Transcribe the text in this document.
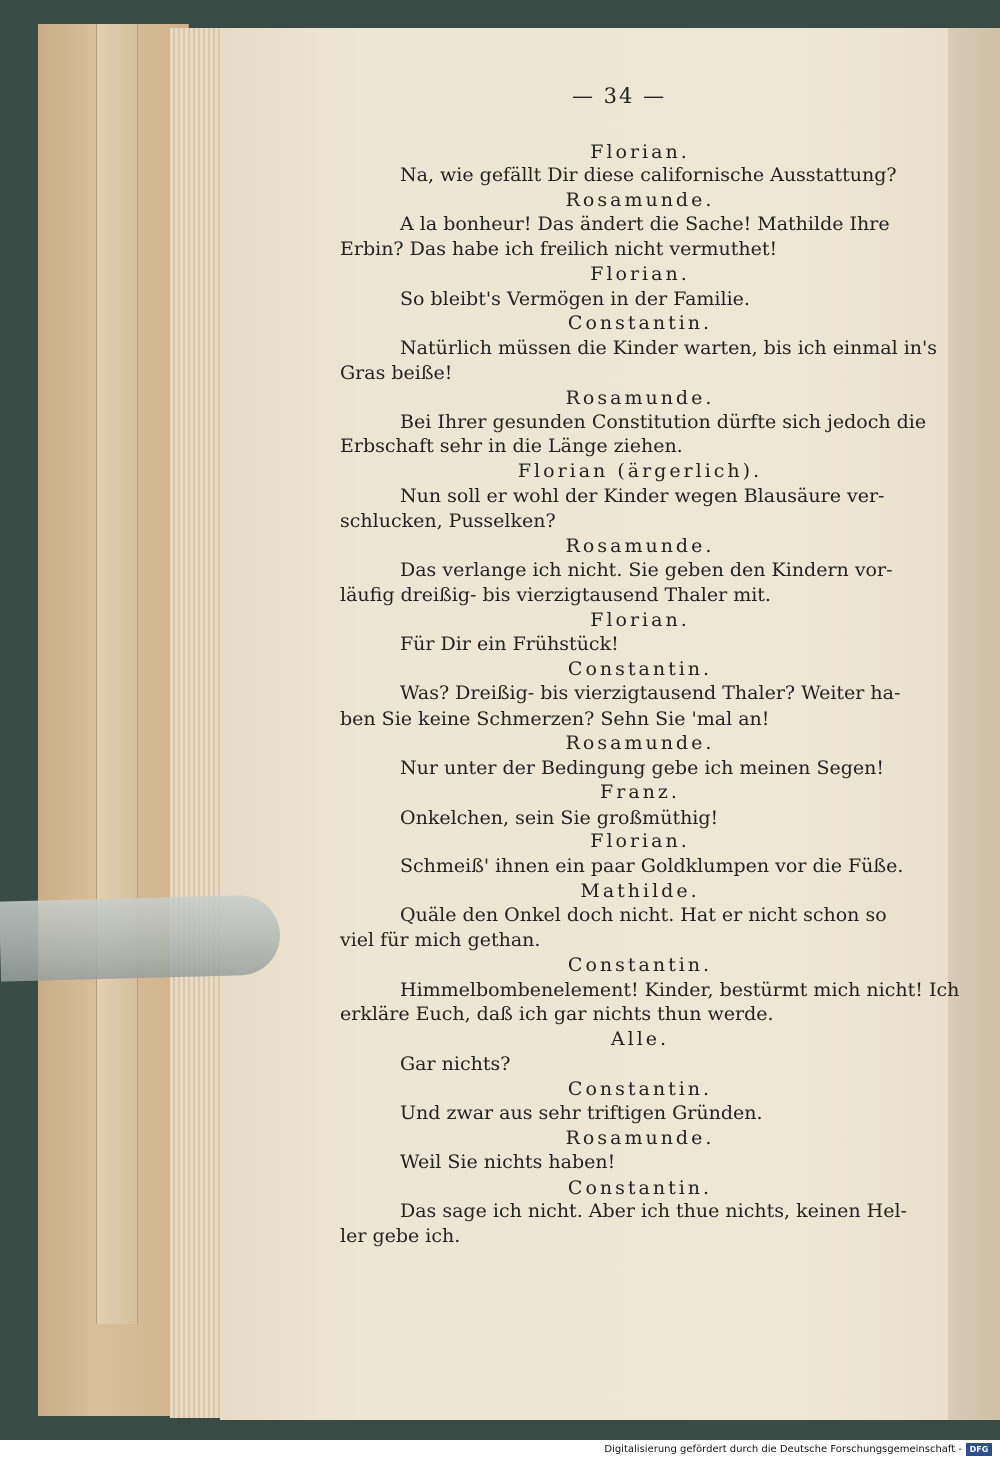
— 34 —
Florian.
Na, wie gefällt Dir diese californische Ausstattung?
Rosamunde.
A la bonheur! Das ändert die Sache! Mathilde Ihre
Erbin? Das habe ich freilich nicht vermuthet!
Florian.
So bleibt's Vermögen in der Familie.
Constantin.
Natürlich müssen die Kinder warten, bis ich einmal in's
Gras beiße!
Rosamunde.
Bei Ihrer gesunden Constitution dürfte sich jedoch die
Erbschaft sehr in die Länge ziehen.
Florian (ärgerlich).
Nun soll er wohl der Kinder wegen Blausäure ver-
schlucken, Pusselken?
Rosamunde.
Das verlange ich nicht. Sie geben den Kindern vor-
läufig dreißig- bis vierzigtausend Thaler mit.
Florian.
Für Dir ein Frühstück!
Constantin.
Was? Dreißig- bis vierzigtausend Thaler? Weiter ha-
ben Sie keine Schmerzen? Sehn Sie 'mal an!
Rosamunde.
Nur unter der Bedingung gebe ich meinen Segen!
Franz.
Onkelchen, sein Sie großmüthig!
Florian.
Schmeiß' ihnen ein paar Goldklumpen vor die Füße.
Mathilde.
Quäle den Onkel doch nicht. Hat er nicht schon so
viel für mich gethan.
Constantin.
Himmelbombenelement! Kinder, bestürmt mich nicht! Ich
erkläre Euch, daß ich gar nichts thun werde.
Alle.
Gar nichts?
Constantin.
Und zwar aus sehr triftigen Gründen.
Rosamunde.
Weil Sie nichts haben!
Constantin.
Das sage ich nicht. Aber ich thue nichts, keinen Hel-
ler gebe ich.
Digitalisierung gefördert durch die Deutsche Forschungsgemeinschaft - DFG
